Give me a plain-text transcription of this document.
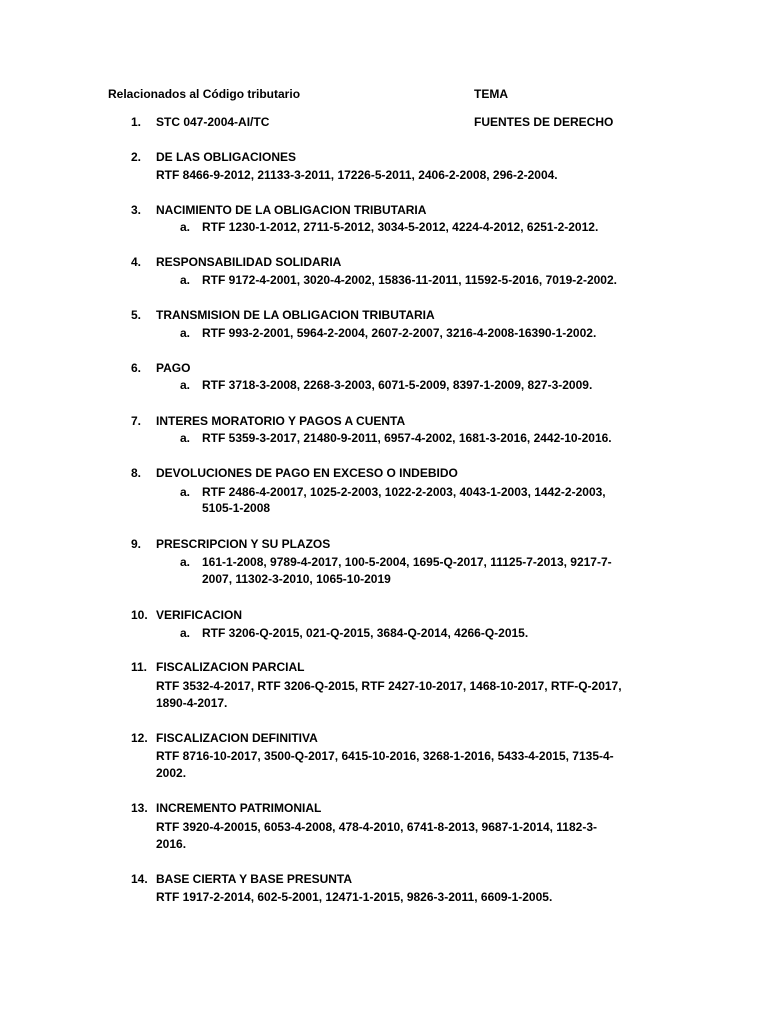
Relacionados al Código tributario	TEMA
1. STC 047-2004-AI/TC	FUENTES DE DERECHO
2. DE LAS OBLIGACIONES
RTF 8466-9-2012, 21133-3-2011, 17226-5-2011, 2406-2-2008, 296-2-2004.
3. NACIMIENTO DE LA OBLIGACION TRIBUTARIA
a. RTF 1230-1-2012, 2711-5-2012, 3034-5-2012, 4224-4-2012, 6251-2-2012.
4. RESPONSABILIDAD SOLIDARIA
a. RTF 9172-4-2001, 3020-4-2002, 15836-11-2011, 11592-5-2016, 7019-2-2002.
5. TRANSMISION DE LA OBLIGACION TRIBUTARIA
a. RTF 993-2-2001, 5964-2-2004, 2607-2-2007, 3216-4-2008-16390-1-2002.
6. PAGO
a. RTF 3718-3-2008, 2268-3-2003, 6071-5-2009, 8397-1-2009, 827-3-2009.
7. INTERES MORATORIO Y PAGOS A CUENTA
a. RTF 5359-3-2017, 21480-9-2011, 6957-4-2002, 1681-3-2016, 2442-10-2016.
8. DEVOLUCIONES DE PAGO EN EXCESO O INDEBIDO
a. RTF 2486-4-20017, 1025-2-2003, 1022-2-2003, 4043-1-2003, 1442-2-2003,
5105-1-2008
9. PRESCRIPCION Y SU PLAZOS
a. 161-1-2008, 9789-4-2017, 100-5-2004, 1695-Q-2017, 11125-7-2013, 9217-7-
2007, 11302-3-2010, 1065-10-2019
10. VERIFICACION
a. RTF 3206-Q-2015, 021-Q-2015, 3684-Q-2014, 4266-Q-2015.
11. FISCALIZACION PARCIAL
RTF 3532-4-2017, RTF 3206-Q-2015, RTF 2427-10-2017, 1468-10-2017, RTF-Q-2017,
1890-4-2017.
12. FISCALIZACION DEFINITIVA
RTF 8716-10-2017, 3500-Q-2017, 6415-10-2016, 3268-1-2016, 5433-4-2015, 7135-4-
2002.
13. INCREMENTO PATRIMONIAL
RTF 3920-4-20015, 6053-4-2008, 478-4-2010, 6741-8-2013, 9687-1-2014, 1182-3-
2016.
14. BASE CIERTA Y BASE PRESUNTA
RTF 1917-2-2014, 602-5-2001, 12471-1-2015, 9826-3-2011, 6609-1-2005.
